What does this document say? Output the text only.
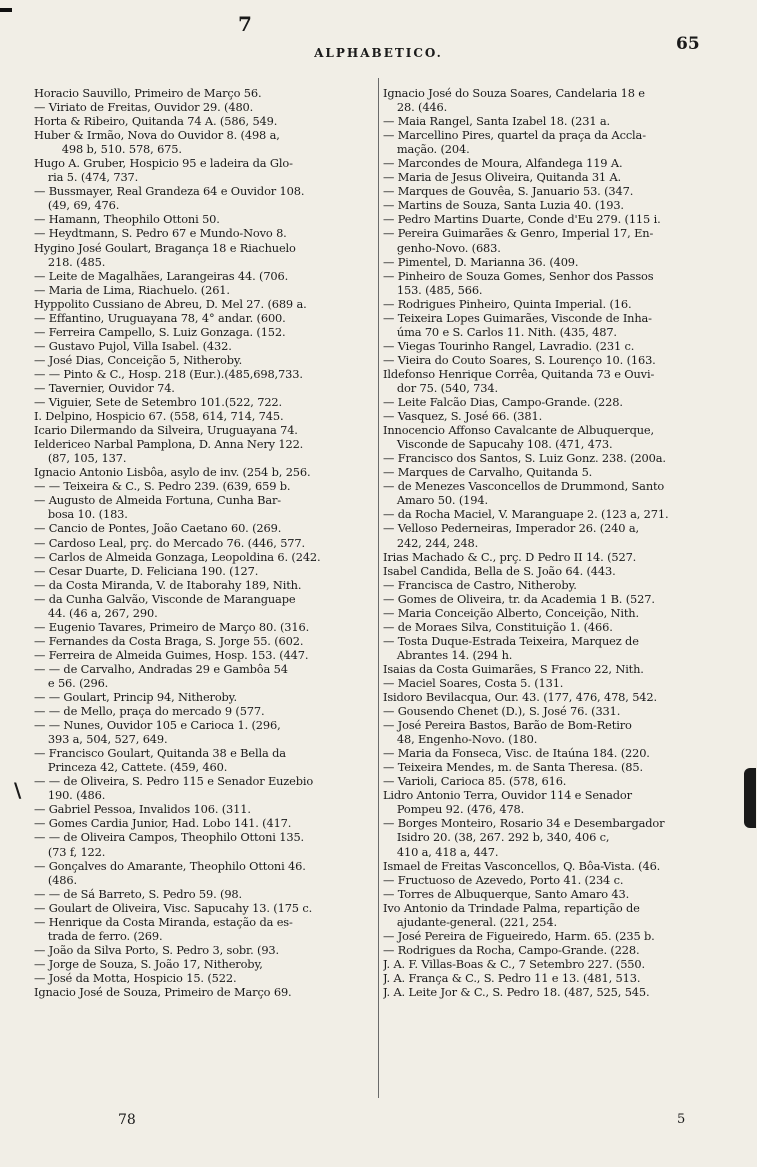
7
ALPHABETICO.	65
Horacio Sauvillo, Primeiro de Março 56.
— Viriato de Freitas, Ouvidor 29. (480.
Horta & Ribeiro, Quitanda 74 A. (586, 549.
Huber & Irmão, Nova do Ouvidor 8. (498 a,
498 b, 510. 578, 675.
Hugo A. Gruber, Hospicio 95 e ladeira da Glo-
ria 5. (474, 737.
— Bussmayer, Real Grandeza 64 e Ouvidor 108.
(49, 69, 476.
— Hamann, Theophilo Ottoni 50.
— Heydtmann, S. Pedro 67 e Mundo-Novo 8.
Hygino José Goulart, Bragança 18 e Riachuelo
218. (485.
— Leite de Magalhães, Larangeiras 44. (706.
— Maria de Lima, Riachuelo. (261.
Hyppolito Cussiano de Abreu, D. Mel 27. (689 a.
— Effantino, Uruguayana 78, 4° andar. (600.
— Ferreira Campello, S. Luiz Gonzaga. (152.
— Gustavo Pujol, Villa Isabel. (432.
— José Dias, Conceição 5, Nitheroby.
— — Pinto & C., Hosp. 218 (Eur.).(485,698,733.
— Tavernier, Ouvidor 74.
— Viguier, Sete de Setembro 101.(522, 722.
I. Delpino, Hospicio 67. (558, 614, 714, 745.
Icario Dilermando da Silveira, Uruguayana 74.
Ieldericeo Narbal Pamplona, D. Anna Nery 122.
(87, 105, 137.
Ignacio Antonio Lisbôa, asylo de inv. (254 b, 256.
— — Teixeira & C., S. Pedro 239. (639, 659 b.
— Augusto de Almeida Fortuna, Cunha Bar-
bosa 10. (183.
— Cancio de Pontes, João Caetano 60. (269.
— Cardoso Leal, prç. do Mercado 76. (446, 577.
— Carlos de Almeida Gonzaga, Leopoldina 6. (242.
— Cesar Duarte, D. Feliciana 190. (127.
— da Costa Miranda, V. de Itaborahy 189, Nith.
— da Cunha Galvão, Visconde de Maranguape
44. (46 a, 267, 290.
— Eugenio Tavares, Primeiro de Março 80. (316.
— Fernandes da Costa Braga, S. Jorge 55. (602.
— Ferreira de Almeida Guimes, Hosp. 153. (447.
— — de Carvalho, Andradas 29 e Gambôa 54
e 56. (296.
— — Goulart, Princip 94, Nitheroby.
— — de Mello, praça do mercado 9 (577.
— — Nunes, Ouvidor 105 e Carioca 1. (296,
393 a, 504, 527, 649.
— Francisco Goulart, Quitanda 38 e Bella da
Princeza 42, Cattete. (459, 460.
— — de Oliveira, S. Pedro 115 e Senador Euzebio
190. (486.
— Gabriel Pessoa, Invalidos 106. (311.
— Gomes Cardia Junior, Had. Lobo 141. (417.
— — de Oliveira Campos, Theophilo Ottoni 135.
(73 f, 122.
— Gonçalves do Amarante, Theophilo Ottoni 46.
(486.
— — de Sá Barreto, S. Pedro 59. (98.
— Goulart de Oliveira, Visc. Sapucahy 13. (175 c.
— Henrique da Costa Miranda, estação da es-
trada de ferro. (269.
— João da Silva Porto, S. Pedro 3, sobr. (93.
— Jorge de Souza, S. João 17, Nitheroby,
— José da Motta, Hospicio 15. (522.
Ignacio José de Souza, Primeiro de Março 69.
Ignacio José do Souza Soares, Candelaria 18 e
28. (446.
— Maia Rangel, Santa Izabel 18. (231 a.
— Marcellino Pires, quartel da praça da Accla-
mação. (204.
— Marcondes de Moura, Alfandega 119 A.
— Maria de Jesus Oliveira, Quitanda 31 A.
— Marques de Gouvêa, S. Januario 53. (347.
— Martins de Souza, Santa Luzia 40. (193.
— Pedro Martins Duarte, Conde d'Eu 279. (115 i.
— Pereira Guimarães & Genro, Imperial 17, En-
genho-Novo. (683.
— Pimentel, D. Marianna 36. (409.
— Pinheiro de Souza Gomes, Senhor dos Passos
153. (485, 566.
— Rodrigues Pinheiro, Quinta Imperial. (16.
— Teixeira Lopes Guimarães, Visconde de Inha-
úma 70 e S. Carlos 11. Nith. (435, 487.
— Viegas Tourinho Rangel, Lavradio. (231 c.
— Vieira do Couto Soares, S. Lourenço 10. (163.
Ildefonso Henrique Corrêa, Quitanda 73 e Ouvi-
dor 75. (540, 734.
— Leite Falcão Dias, Campo-Grande. (228.
— Vasquez, S. José 66. (381.
Innocencio Affonso Cavalcante de Albuquerque,
Visconde de Sapucahy 108. (471, 473.
— Francisco dos Santos, S. Luiz Gonz. 238. (200a.
— Marques de Carvalho, Quitanda 5.
— de Menezes Vasconcellos de Drummond, Santo
Amaro 50. (194.
— da Rocha Maciel, V. Maranguape 2. (123 a, 271.
— Velloso Pederneiras, Imperador 26. (240 a,
242, 244, 248.
Irias Machado & C., prç. D Pedro II 14. (527.
Isabel Candida, Bella de S. João 64. (443.
— Francisca de Castro, Nitheroby.
— Gomes de Oliveira, tr. da Academia 1 B. (527.
— Maria Conceição Alberto, Conceição, Nith.
— de Moraes Silva, Constituição 1. (466.
— Tosta Duque-Estrada Teixeira, Marquez de
Abrantes 14. (294 h.
Isaias da Costa Guimarães, S Franco 22, Nith.
— Maciel Soares, Costa 5. (131.
Isidoro Bevilacqua, Our. 43. (177, 476, 478, 542.
— Gousendo Chenet (D.), S. José 76. (331.
— José Pereira Bastos, Barão de Bom-Retiro
48, Engenho-Novo. (180.
— Maria da Fonseca, Visc. de Itaúna 184. (220.
— Teixeira Mendes, m. de Santa Theresa. (85.
— Varioli, Carioca 85. (578, 616.
Lidro Antonio Terra, Ouvidor 114 e Senador
Pompeu 92. (476, 478.
— Borges Monteiro, Rosario 34 e Desembargador
Isidro 20. (38, 267. 292 b, 340, 406 c,
410 a, 418 a, 447.
Ismael de Freitas Vasconcellos, Q. Bôa-Vista. (46.
— Fructuoso de Azevedo, Porto 41. (234 c.
— Torres de Albuquerque, Santo Amaro 43.
Ivo Antonio da Trindade Palma, repartição de
ajudante-general. (221, 254.
— José Pereira de Figueiredo, Harm. 65. (235 b.
— Rodrigues da Rocha, Campo-Grande. (228.
J. A. F. Villas-Boas & C., 7 Setembro 227. (550.
J. A. França & C., S. Pedro 11 e 13. (481, 513.
J. A. Leite Jor & C., S. Pedro 18. (487, 525, 545.
\
78	5
